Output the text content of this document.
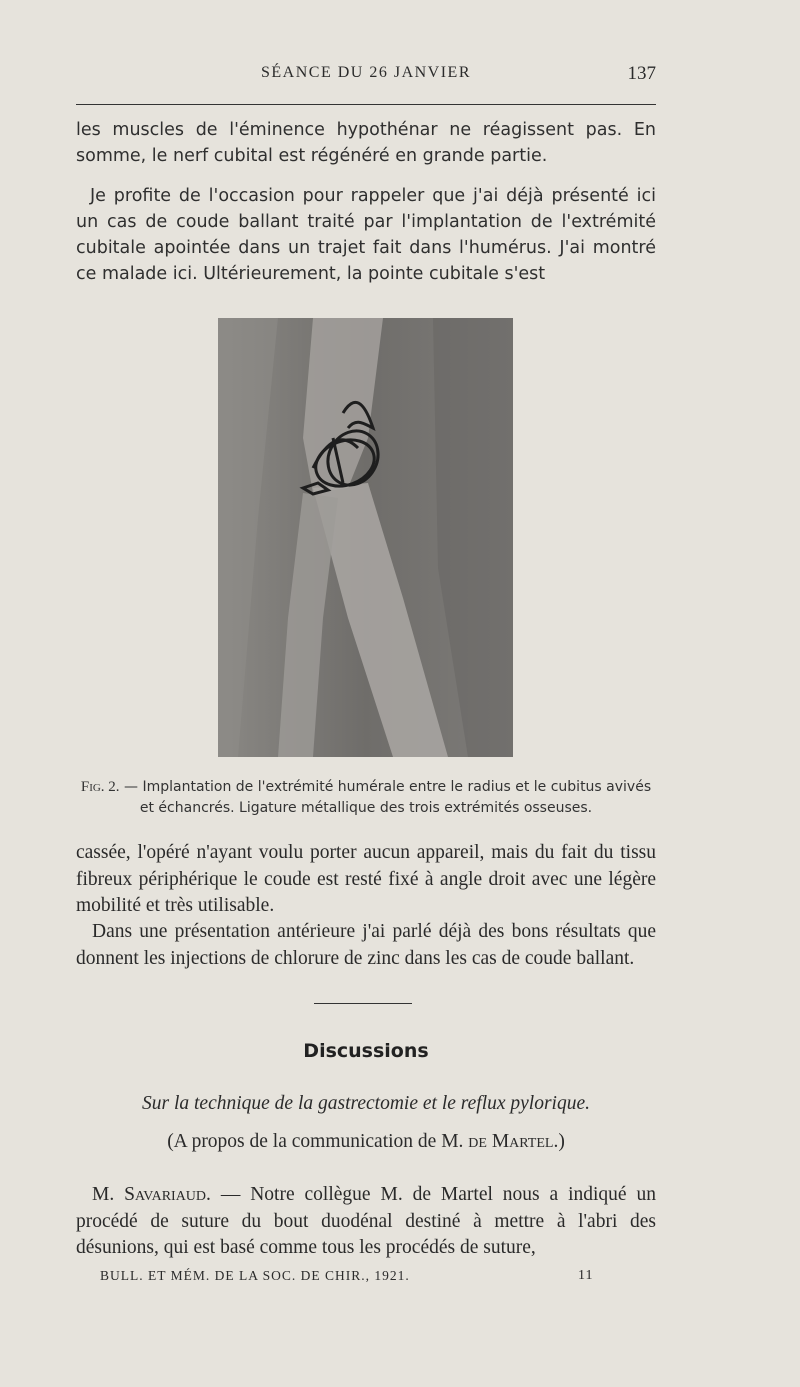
SÉANCE DU 26 JANVIER	137

les muscles de l'éminence hypothénar ne réagissent pas. En somme, le nerf cubital est régénéré en grande partie.

Je profite de l'occasion pour rappeler que j'ai déjà présenté ici un cas de coude ballant traité par l'implantation de l'extrémité cubitale apointée dans un trajet fait dans l'humérus. J'ai montré ce malade ici. Ultérieurement, la pointe cubitale s'est

Fig. 2. — Implantation de l'extrémité humérale entre le radius et le cubitus avivés et échancrés. Ligature métallique des trois extrémités osseuses.

cassée, l'opéré n'ayant voulu porter aucun appareil, mais du fait du tissu fibreux périphérique le coude est resté fixé à angle droit avec une légère mobilité et très utilisable.

Dans une présentation antérieure j'ai parlé déjà des bons résultats que donnent les injections de chlorure de zinc dans les cas de coude ballant.

Discussions

Sur la technique de la gastrectomie et le reflux pylorique.

(A propos de la communication de M. de Martel.)

M. Savariaud. — Notre collègue M. de Martel nous a indiqué un procédé de suture du bout duodénal destiné à mettre à l'abri des désunions, qui est basé comme tous les procédés de suture,

BULL. ET MÉM. DE LA SOC. DE CHIR., 1921.	11
